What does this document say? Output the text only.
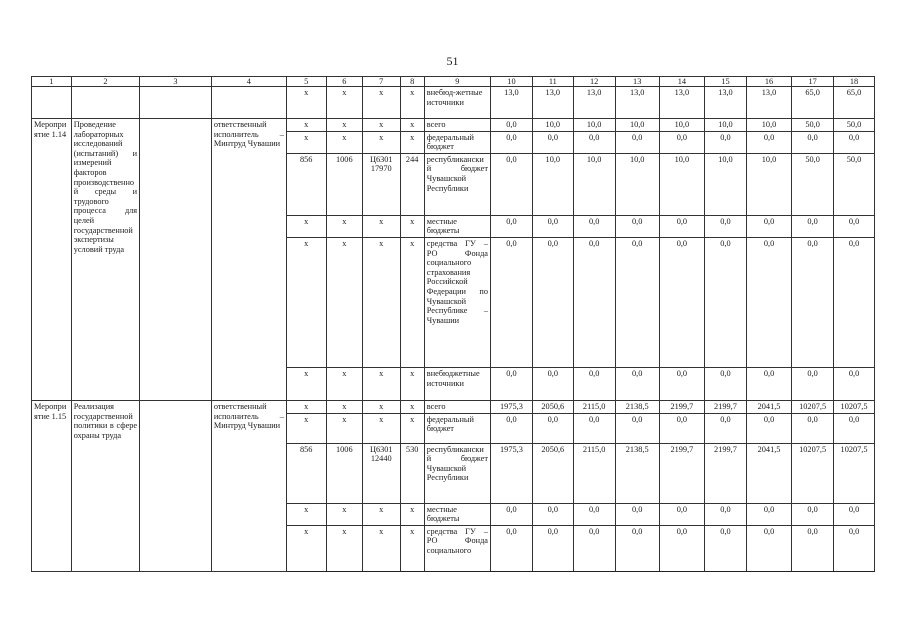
51
1	2	3	4	5	6	7	8	9	10	11	12	13	14	15	16	17	18
				x	x	x	x	внебюд-жетные источники	13,0	13,0	13,0	13,0	13,0	13,0	13,0	65,0	65,0
Мероприятие 1.14	Проведение лабораторных исследований (испытаний) и измерений факторов производственной среды и трудового процесса для целей государственной экспертизы условий труда		ответственный исполнитель – Минтруд Чувашии	x	x	x	x	всего	0,0	10,0	10,0	10,0	10,0	10,0	10,0	50,0	50,0
				x	x	x	x	федеральный бюджет	0,0	0,0	0,0	0,0	0,0	0,0	0,0	0,0	0,0
				856	1006	Ц6301 17970	244	республиканский бюджет Чувашской Республики	0,0	10,0	10,0	10,0	10,0	10,0	10,0	50,0	50,0
				x	x	x	x	местные бюджеты	0,0	0,0	0,0	0,0	0,0	0,0	0,0	0,0	0,0
				x	x	x	x	средства ГУ – РО Фонда социального страхования Российской Федерации по Чувашской Республике – Чувашии	0,0	0,0	0,0	0,0	0,0	0,0	0,0	0,0	0,0
				x	x	x	x	внебюджетные источники	0,0	0,0	0,0	0,0	0,0	0,0	0,0	0,0	0,0
Мероприятие 1.15	Реализация государственной политики в сфере охраны труда		ответственный исполнитель – Минтруд Чувашии	x	x	x	x	всего	1975,3	2050,6	2115,0	2138,5	2199,7	2199,7	2041,5	10207,5	10207,5
				x	x	x	x	федеральный бюджет	0,0	0,0	0,0	0,0	0,0	0,0	0,0	0,0	0,0
				856	1006	Ц6301 12440	530	республиканский бюджет Чувашской Республики	1975,3	2050,6	2115,0	2138,5	2199,7	2199,7	2041,5	10207,5	10207,5
				x	x	x	x	местные бюджеты	0,0	0,0	0,0	0,0	0,0	0,0	0,0	0,0	0,0
				x	x	x	x	средства ГУ – РО Фонда социального	0,0	0,0	0,0	0,0	0,0	0,0	0,0	0,0	0,0
